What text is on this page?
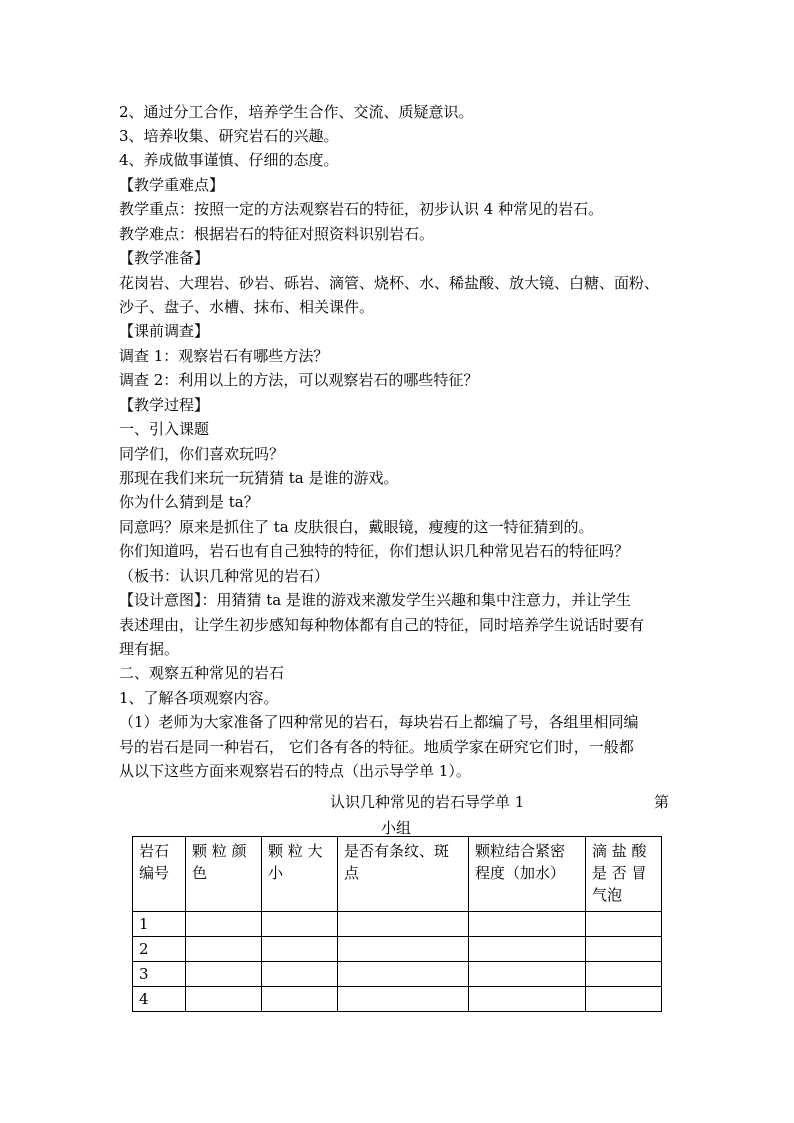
2、通过分工合作，培养学生合作、交流、质疑意识。
3、培养收集、研究岩石的兴趣。
4、养成做事谨慎、仔细的态度。
【教学重难点】
教学重点：按照一定的方法观察岩石的特征，初步认识 4 种常见的岩石。
教学难点：根据岩石的特征对照资料识别岩石。
【教学准备】
花岗岩、大理岩、砂岩、砾岩、滴管、烧杯、水、稀盐酸、放大镜、白糖、面粉、
沙子、盘子、水槽、抹布、相关课件。
【课前调查】
调查 1：观察岩石有哪些方法？
调查 2：利用以上的方法，可以观察岩石的哪些特征？
【教学过程】
一、引入课题
同学们，你们喜欢玩吗？
那现在我们来玩一玩猜猜 ta 是谁的游戏。
你为什么猜到是 ta？
同意吗？原来是抓住了 ta 皮肤很白，戴眼镜，瘦瘦的这一特征猜到的。
你们知道吗，岩石也有自己独特的特征，你们想认识几种常见岩石的特征吗？
（板书：认识几种常见的岩石）
【设计意图】：用猜猜 ta 是谁的游戏来激发学生兴趣和集中注意力，并让学生
表述理由，让学生初步感知每种物体都有自己的特征，同时培养学生说话时要有
理有据。
二、观察五种常见的岩石
1、了解各项观察内容。
（1）老师为大家准备了四种常见的岩石，每块岩石上都编了号，各组里相同编
号的岩石是同一种岩石， 它们各有各的特征。地质学家在研究它们时，一般都
从以下这些方面来观察岩石的特点（出示导学单 1）。
认识几种常见的岩石导学单 1	第
小组
岩石编号	颗 粒 颜 色	颗 粒 大 小	是否有条纹、斑点	颗粒结合紧密程度（加水）	滴 盐 酸 是 否 冒 气泡
1					
2					
3					
4					
